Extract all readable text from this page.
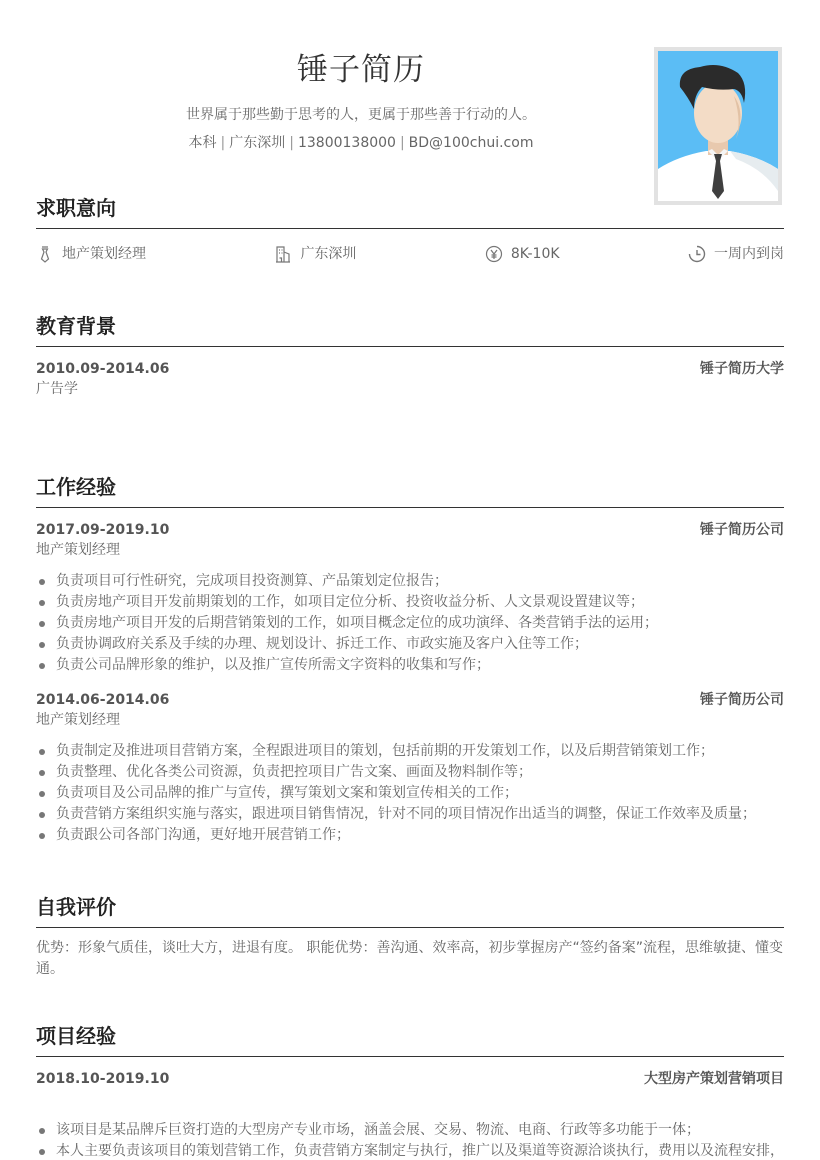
锤子简历
世界属于那些勤于思考的人，更属于那些善于行动的人。
本科 | 广东深圳 | 13800138000 | BD@100chui.com
求职意向
地产策划经理	广东深圳	8K-10K	一周内到岗
教育背景
2010.09-2014.06	锤子简历大学
广告学
工作经验
2017.09-2019.10	锤子简历公司
地产策划经理
负责项目可行性研究，完成项目投资测算、产品策划定位报告；
负责房地产项目开发前期策划的工作，如项目定位分析、投资收益分析、人文景观设置建议等；
负责房地产项目开发的后期营销策划的工作，如项目概念定位的成功演绎、各类营销手法的运用；
负责协调政府关系及手续的办理、规划设计、拆迁工作、市政实施及客户入住等工作；
负责公司品牌形象的维护，以及推广宣传所需文字资料的收集和写作；
2014.06-2014.06	锤子简历公司
地产策划经理
负责制定及推进项目营销方案，全程跟进项目的策划，包括前期的开发策划工作，以及后期营销策划工作；
负责整理、优化各类公司资源，负责把控项目广告文案、画面及物料制作等；
负责项目及公司品牌的推广与宣传，撰写策划文案和策划宣传相关的工作；
负责营销方案组织实施与落实，跟进项目销售情况，针对不同的项目情况作出适当的调整，保证工作效率及质量；
负责跟公司各部门沟通，更好地开展营销工作；
自我评价
优势：形象气质佳，谈吐大方，进退有度。 职能优势：善沟通、效率高，初步掌握房产“签约备案”流程，思维敏捷、懂变通。
项目经验
2018.10-2019.10	大型房产策划营销项目
该项目是某品牌斥巨资打造的大型房产专业市场，涵盖会展、交易、物流、电商、行政等多功能于一体；
本人主要负责该项目的策划营销工作，负责营销方案制定与执行，推广以及渠道等资源洽谈执行，费用以及流程安排，
